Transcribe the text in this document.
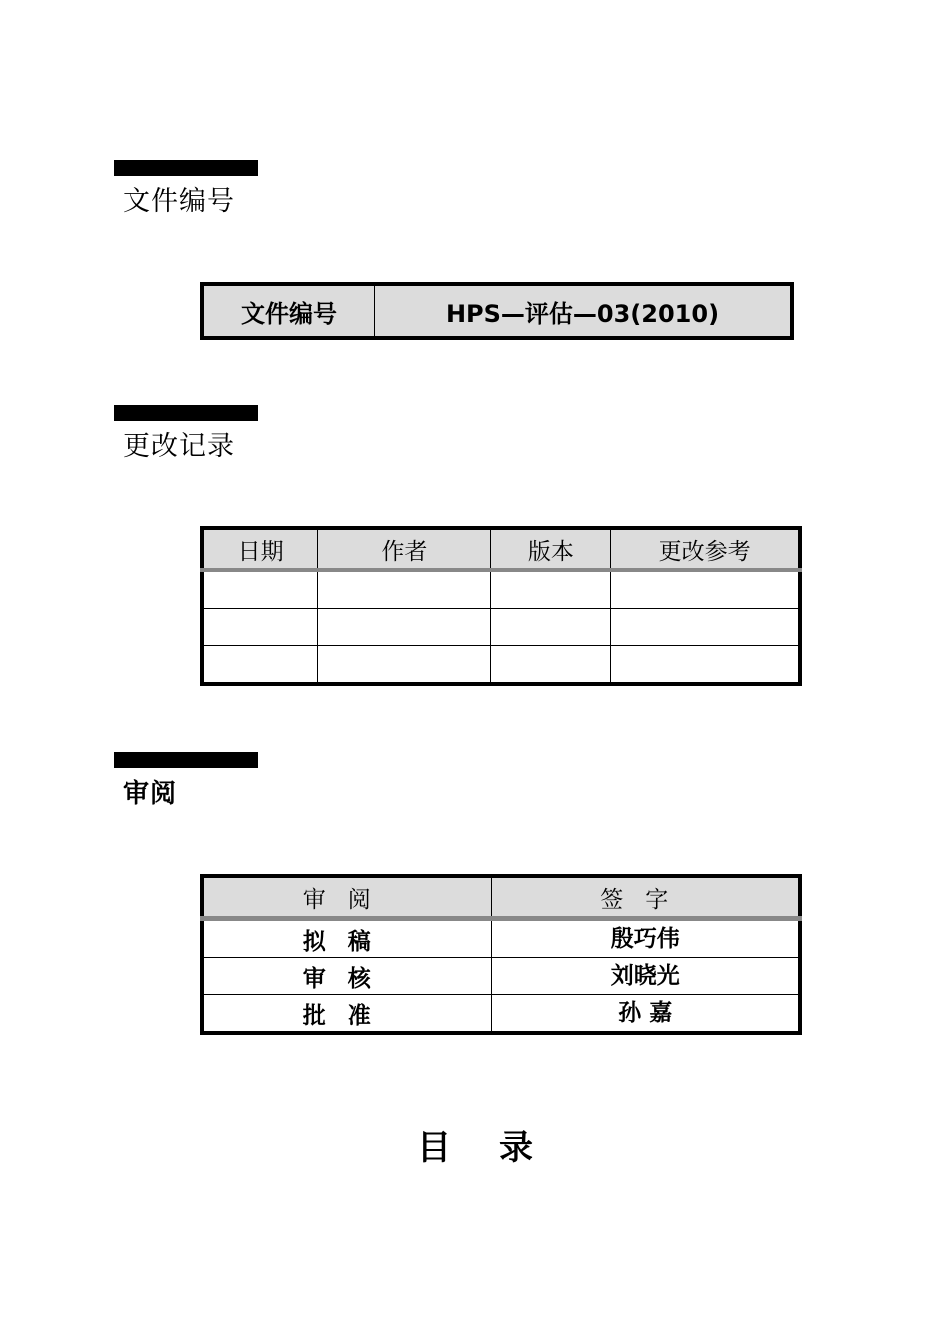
文件编号
文件编号	HPS—评估—03(2010)
更改记录
日期	作者	版本	更改参考

审阅
审阅	签字
拟稿	殷巧伟
审核	刘晓光
批准	孙 嘉
目录
